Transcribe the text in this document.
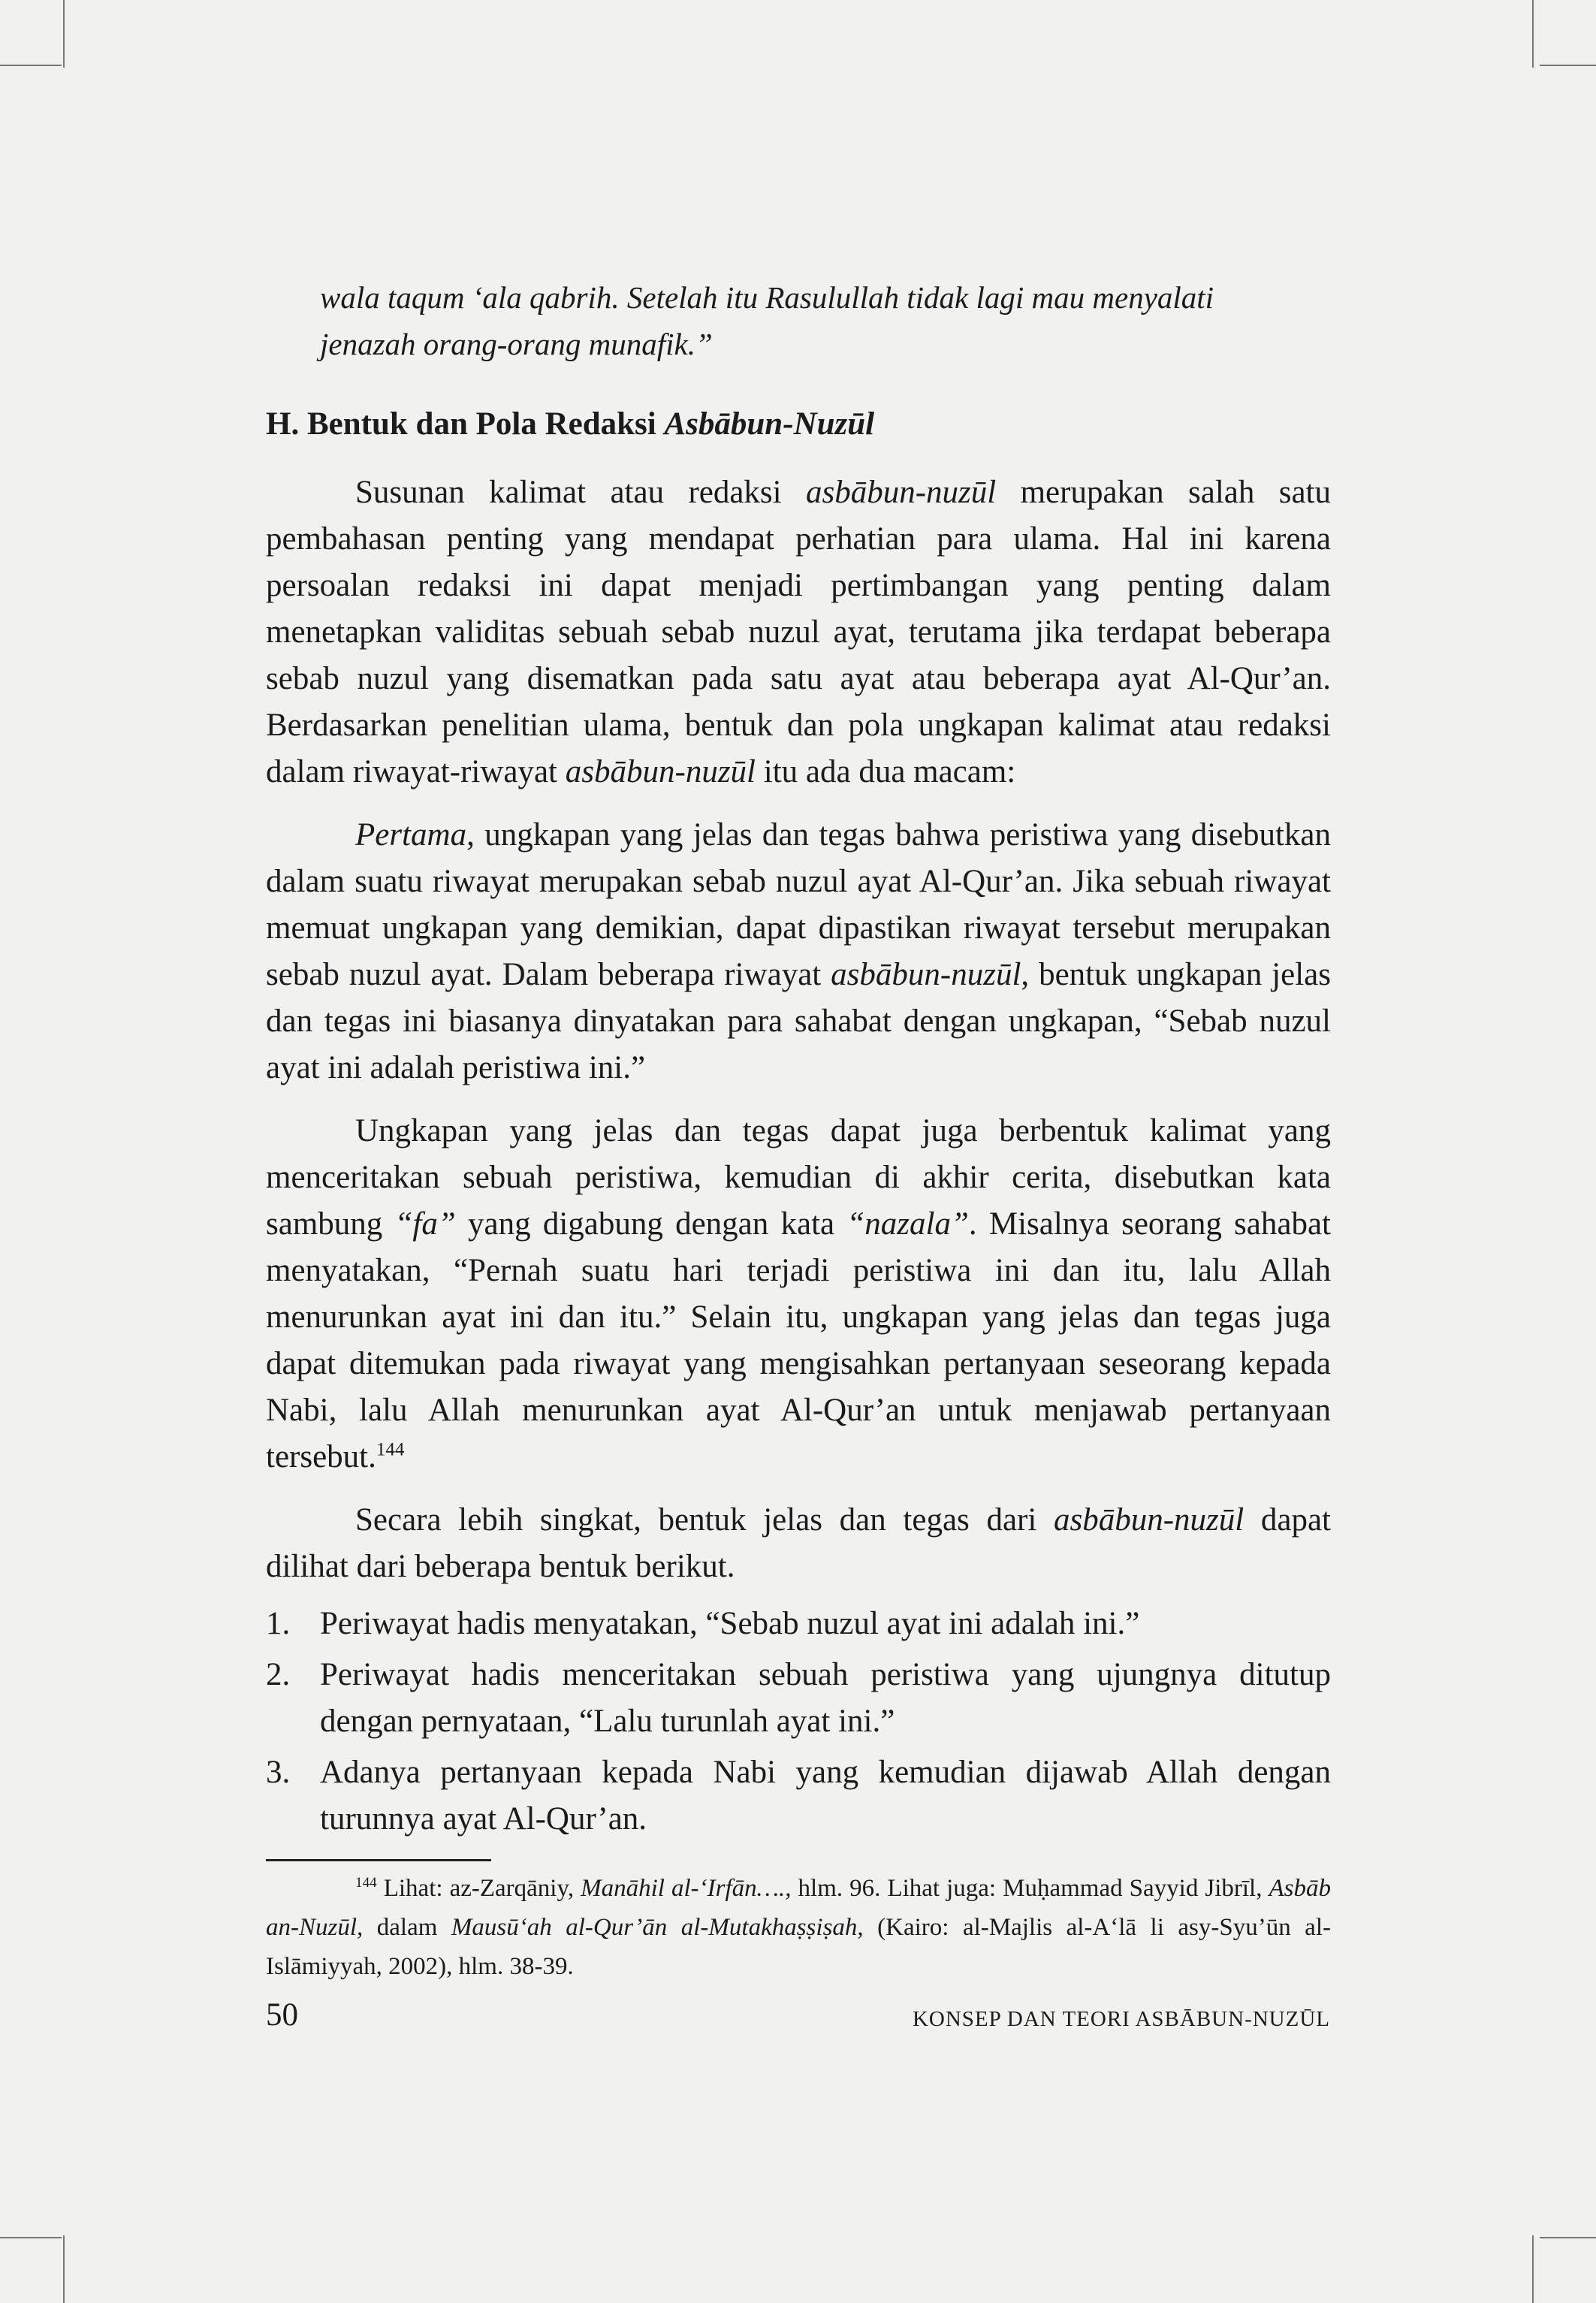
wala taqum ‘ala qabrih. Setelah itu Rasulullah tidak lagi mau menyalati
jenazah orang-orang munafik.”

H. Bentuk dan Pola Redaksi Asbābun-Nuzūl

Susunan kalimat atau redaksi asbābun-nuzūl merupakan salah satu pembahasan penting yang mendapat perhatian para ulama. Hal ini karena persoalan redaksi ini dapat menjadi pertimbangan yang penting dalam menetapkan validitas sebuah sebab nuzul ayat, terutama jika terdapat beberapa sebab nuzul yang disematkan pada satu ayat atau beberapa ayat Al-Qur’an. Berdasarkan penelitian ulama, bentuk dan pola ungkapan kalimat atau redaksi dalam riwayat-riwayat asbābun-nuzūl itu ada dua macam:

Pertama, ungkapan yang jelas dan tegas bahwa peristiwa yang disebutkan dalam suatu riwayat merupakan sebab nuzul ayat Al-Qur’an. Jika sebuah riwayat memuat ungkapan yang demikian, dapat dipastikan riwayat tersebut merupakan sebab nuzul ayat. Dalam beberapa riwayat asbābun-nuzūl, bentuk ungkapan jelas dan tegas ini biasanya dinyatakan para sahabat dengan ungkapan, “Sebab nuzul ayat ini adalah peristiwa ini.”

Ungkapan yang jelas dan tegas dapat juga berbentuk kalimat yang menceritakan sebuah peristiwa, kemudian di akhir cerita, disebutkan kata sambung “fa” yang digabung dengan kata “nazala”. Misalnya seorang sahabat menyatakan, “Pernah suatu hari terjadi peristiwa ini dan itu, lalu Allah menurunkan ayat ini dan itu.” Selain itu, ungkapan yang jelas dan tegas juga dapat ditemukan pada riwayat yang mengisahkan pertanyaan seseorang kepada Nabi, lalu Allah menurunkan ayat Al-Qur’an untuk menjawab pertanyaan tersebut.$^{144}$

Secara lebih singkat, bentuk jelas dan tegas dari asbābun-nuzūl dapat dilihat dari beberapa bentuk berikut.

1. Periwayat hadis menyatakan, “Sebab nuzul ayat ini adalah ini.”
2. Periwayat hadis menceritakan sebuah peristiwa yang ujungnya ditutup dengan pernyataan, “Lalu turunlah ayat ini.”
3. Adanya pertanyaan kepada Nabi yang kemudian dijawab Allah dengan turunnya ayat Al-Qur’an.

$^{144}$ Lihat: az-Zarqāniy, Manāhil al-‘Irfān…., hlm. 96. Lihat juga: Muḥammad Sayyid Jibrīl, Asbāb an-Nuzūl, dalam Mausū‘ah al-Qur’ān al-Mutakhaṣṣiṣah, (Kairo: al-Majlis al-A‘lā li asy-Syu’ūn al-Islāmiyyah, 2002), hlm. 38-39.

50	KONSEP DAN TEORI ASBĀBUN-NUZŪL
